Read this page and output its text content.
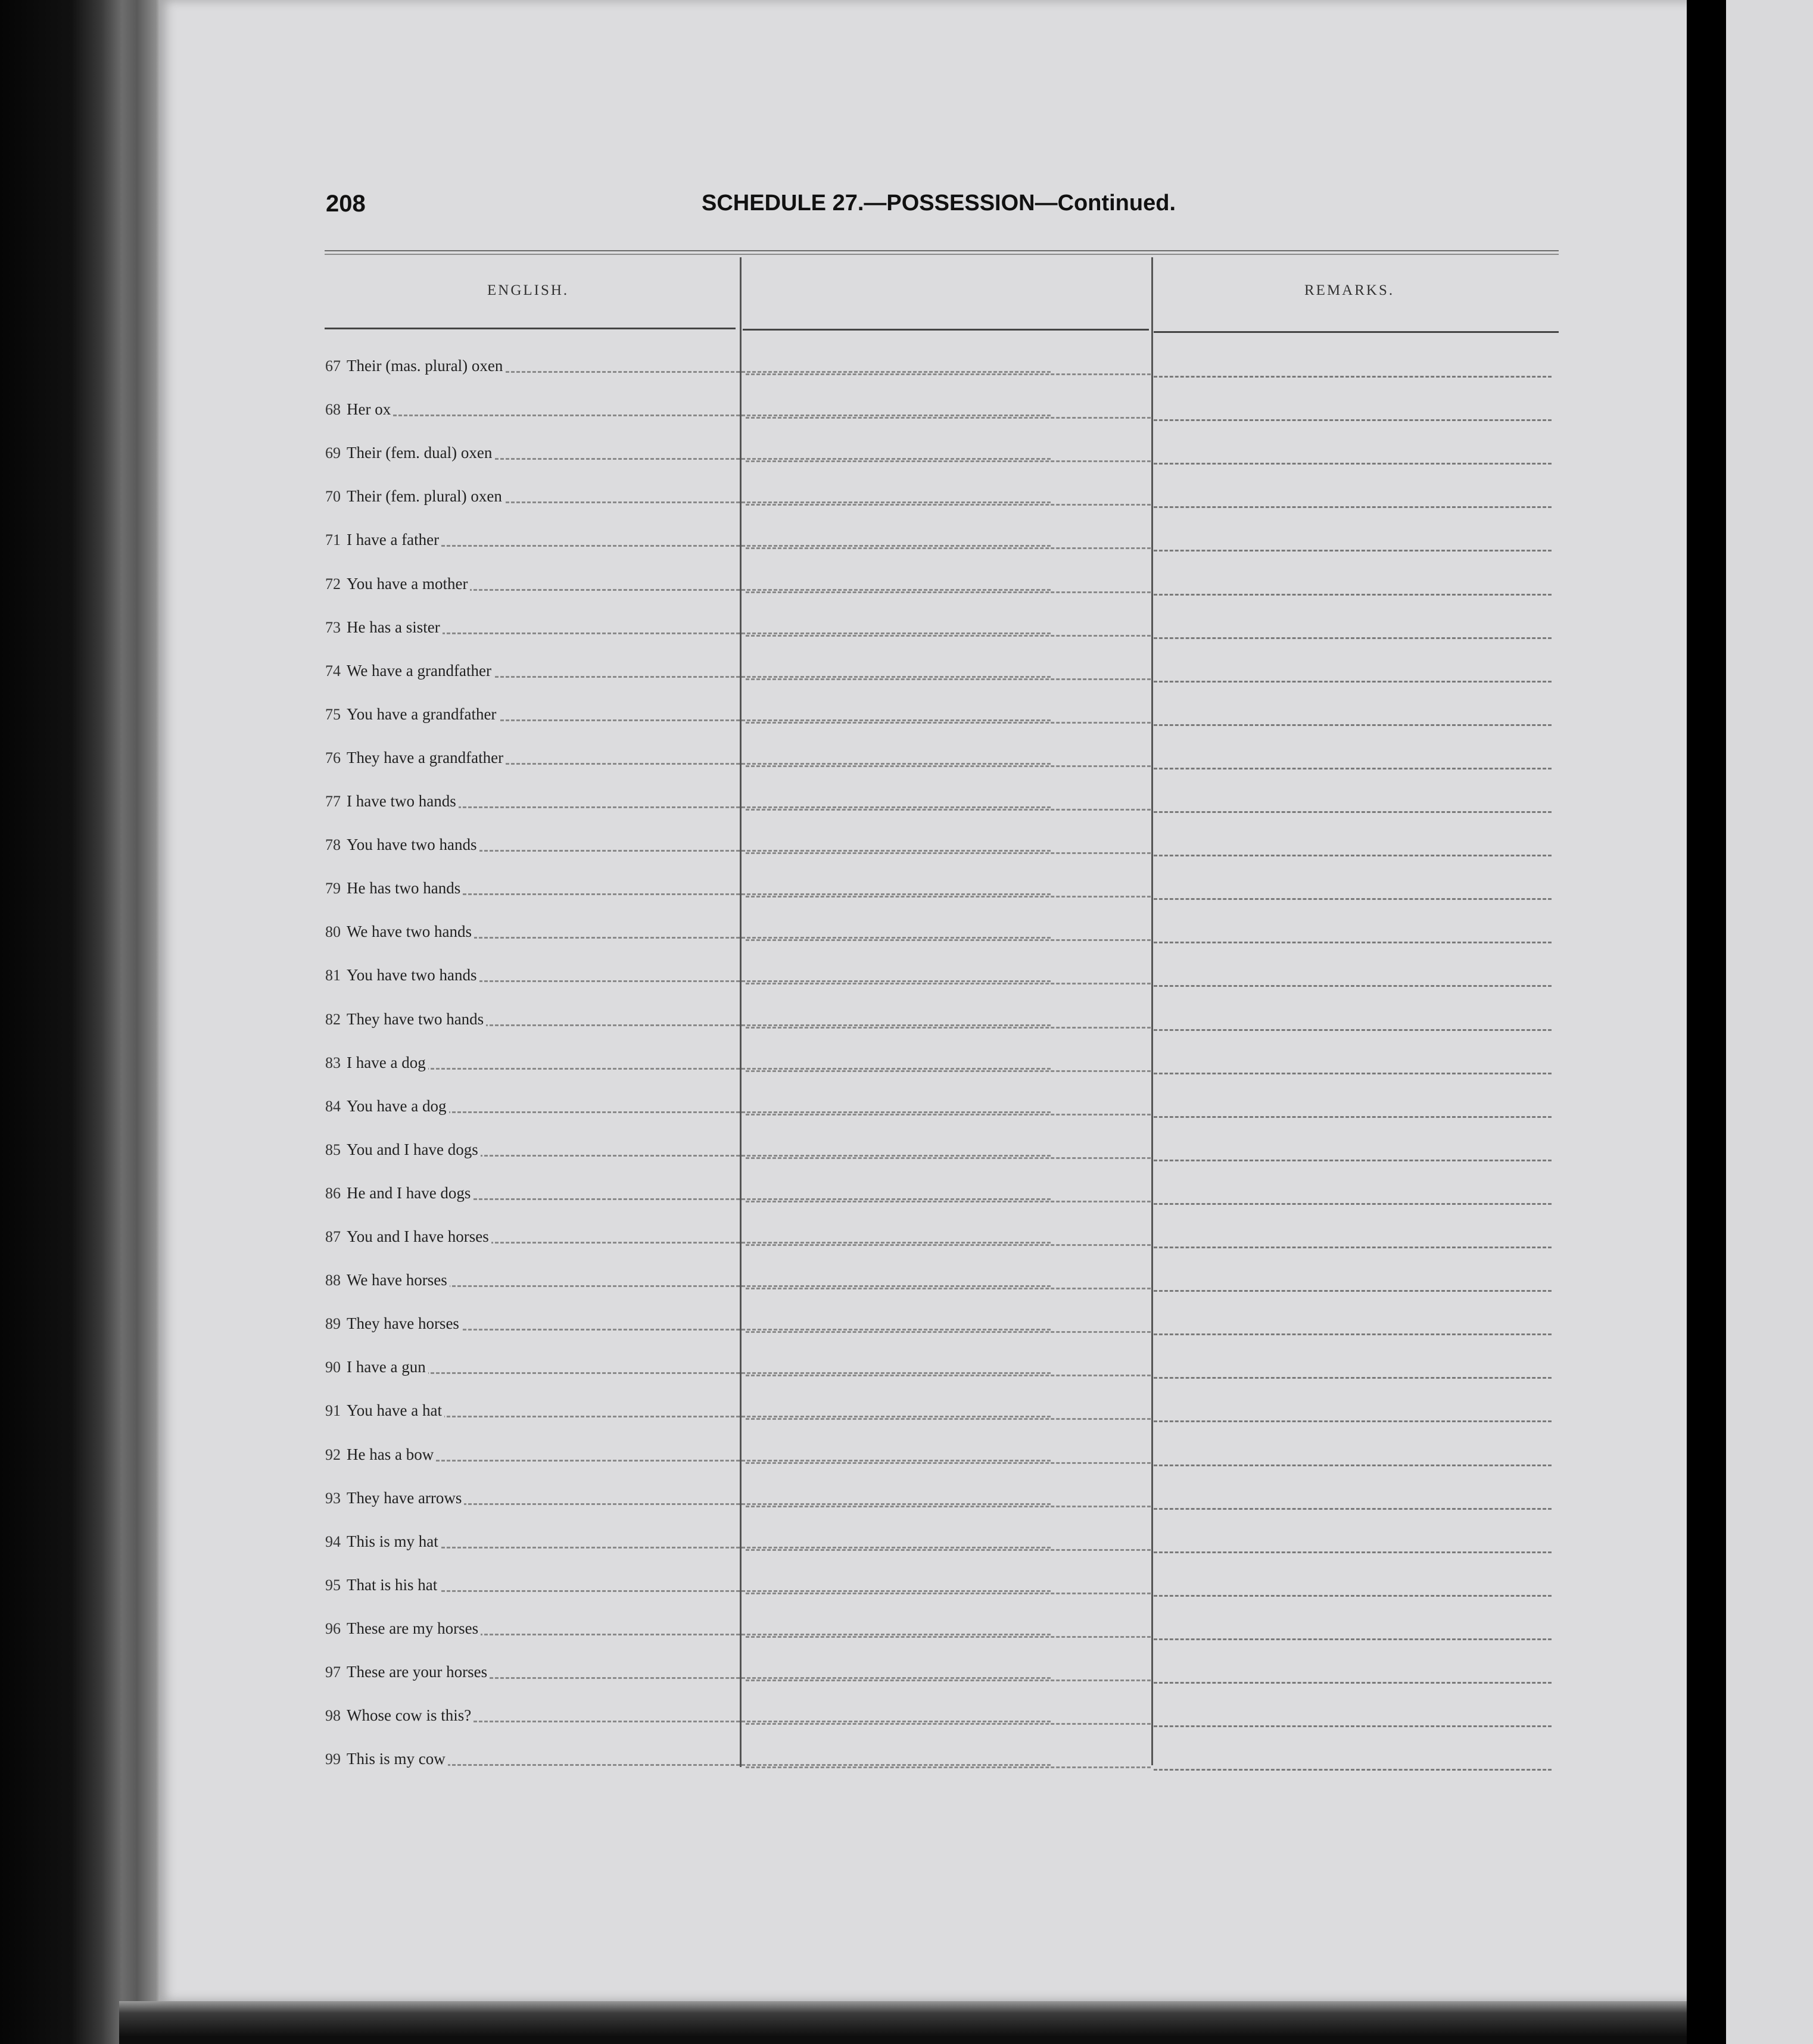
208	SCHEDULE 27.—POSSESSION—Continued.
ENGLISH.	REMARKS.
67 Their (mas. plural) oxen
68 Her ox
69 Their (fem. dual) oxen
70 Their (fem. plural) oxen
71 I have a father
72 You have a mother
73 He has a sister
74 We have a grandfather
75 You have a grandfather
76 They have a grandfather
77 I have two hands
78 You have two hands
79 He has two hands
80 We have two hands
81 You have two hands
82 They have two hands
83 I have a dog
84 You have a dog
85 You and I have dogs
86 He and I have dogs
87 You and I have horses
88 We have horses
89 They have horses
90 I have a gun
91 You have a hat
92 He has a bow
93 They have arrows
94 This is my hat
95 That is his hat
96 These are my horses
97 These are your horses
98 Whose cow is this?
99 This is my cow
